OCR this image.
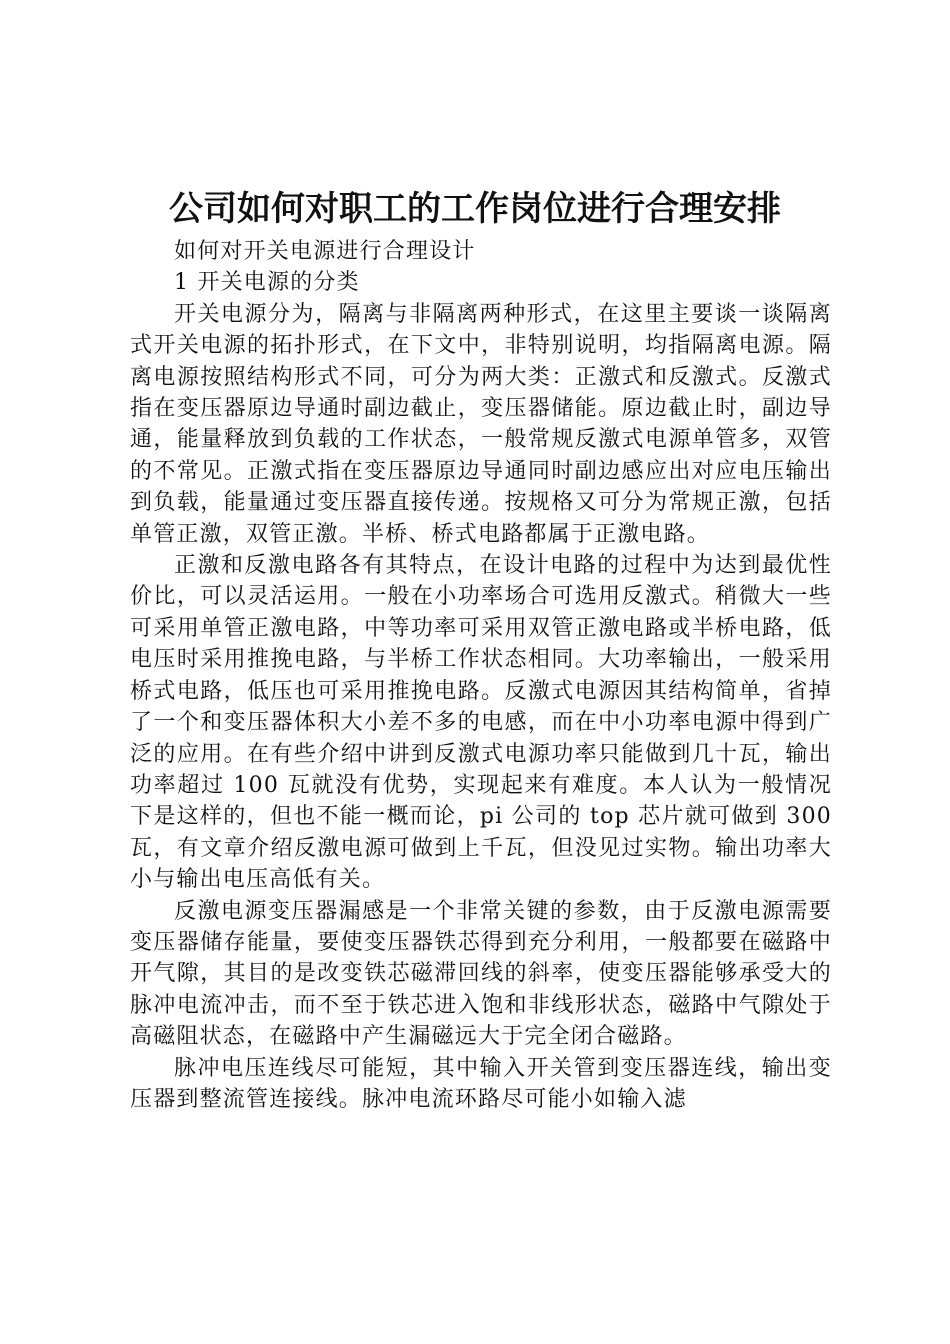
公司如何对职工的工作岗位进行合理安排

如何对开关电源进行合理设计

1 开关电源的分类

开关电源分为，隔离与非隔离两种形式，在这里主要谈一谈隔离式开关电源的拓扑形式，在下文中，非特别说明，均指隔离电源。隔离电源按照结构形式不同，可分为两大类：正激式和反激式。反激式指在变压器原边导通时副边截止，变压器储能。原边截止时，副边导通，能量释放到负载的工作状态，一般常规反激式电源单管多，双管的不常见。正激式指在变压器原边导通同时副边感应出对应电压输出到负载，能量通过变压器直接传递。按规格又可分为常规正激，包括单管正激，双管正激。半桥、桥式电路都属于正激电路。

正激和反激电路各有其特点，在设计电路的过程中为达到最优性价比，可以灵活运用。一般在小功率场合可选用反激式。稍微大一些可采用单管正激电路，中等功率可采用双管正激电路或半桥电路，低电压时采用推挽电路，与半桥工作状态相同。大功率输出，一般采用桥式电路，低压也可采用推挽电路。反激式电源因其结构简单，省掉了一个和变压器体积大小差不多的电感，而在中小功率电源中得到广泛的应用。在有些介绍中讲到反激式电源功率只能做到几十瓦，输出功率超过 100 瓦就没有优势，实现起来有难度。本人认为一般情况下是这样的，但也不能一概而论，pi 公司的 top 芯片就可做到 300 瓦，有文章介绍反激电源可做到上千瓦，但没见过实物。输出功率大小与输出电压高低有关。

反激电源变压器漏感是一个非常关键的参数，由于反激电源需要变压器储存能量，要使变压器铁芯得到充分利用，一般都要在磁路中开气隙，其目的是改变铁芯磁滞回线的斜率，使变压器能够承受大的脉冲电流冲击，而不至于铁芯进入饱和非线形状态，磁路中气隙处于高磁阻状态，在磁路中产生漏磁远大于完全闭合磁路。

脉冲电压连线尽可能短，其中输入开关管到变压器连线，输出变压器到整流管连接线。脉冲电流环路尽可能小如输入滤
